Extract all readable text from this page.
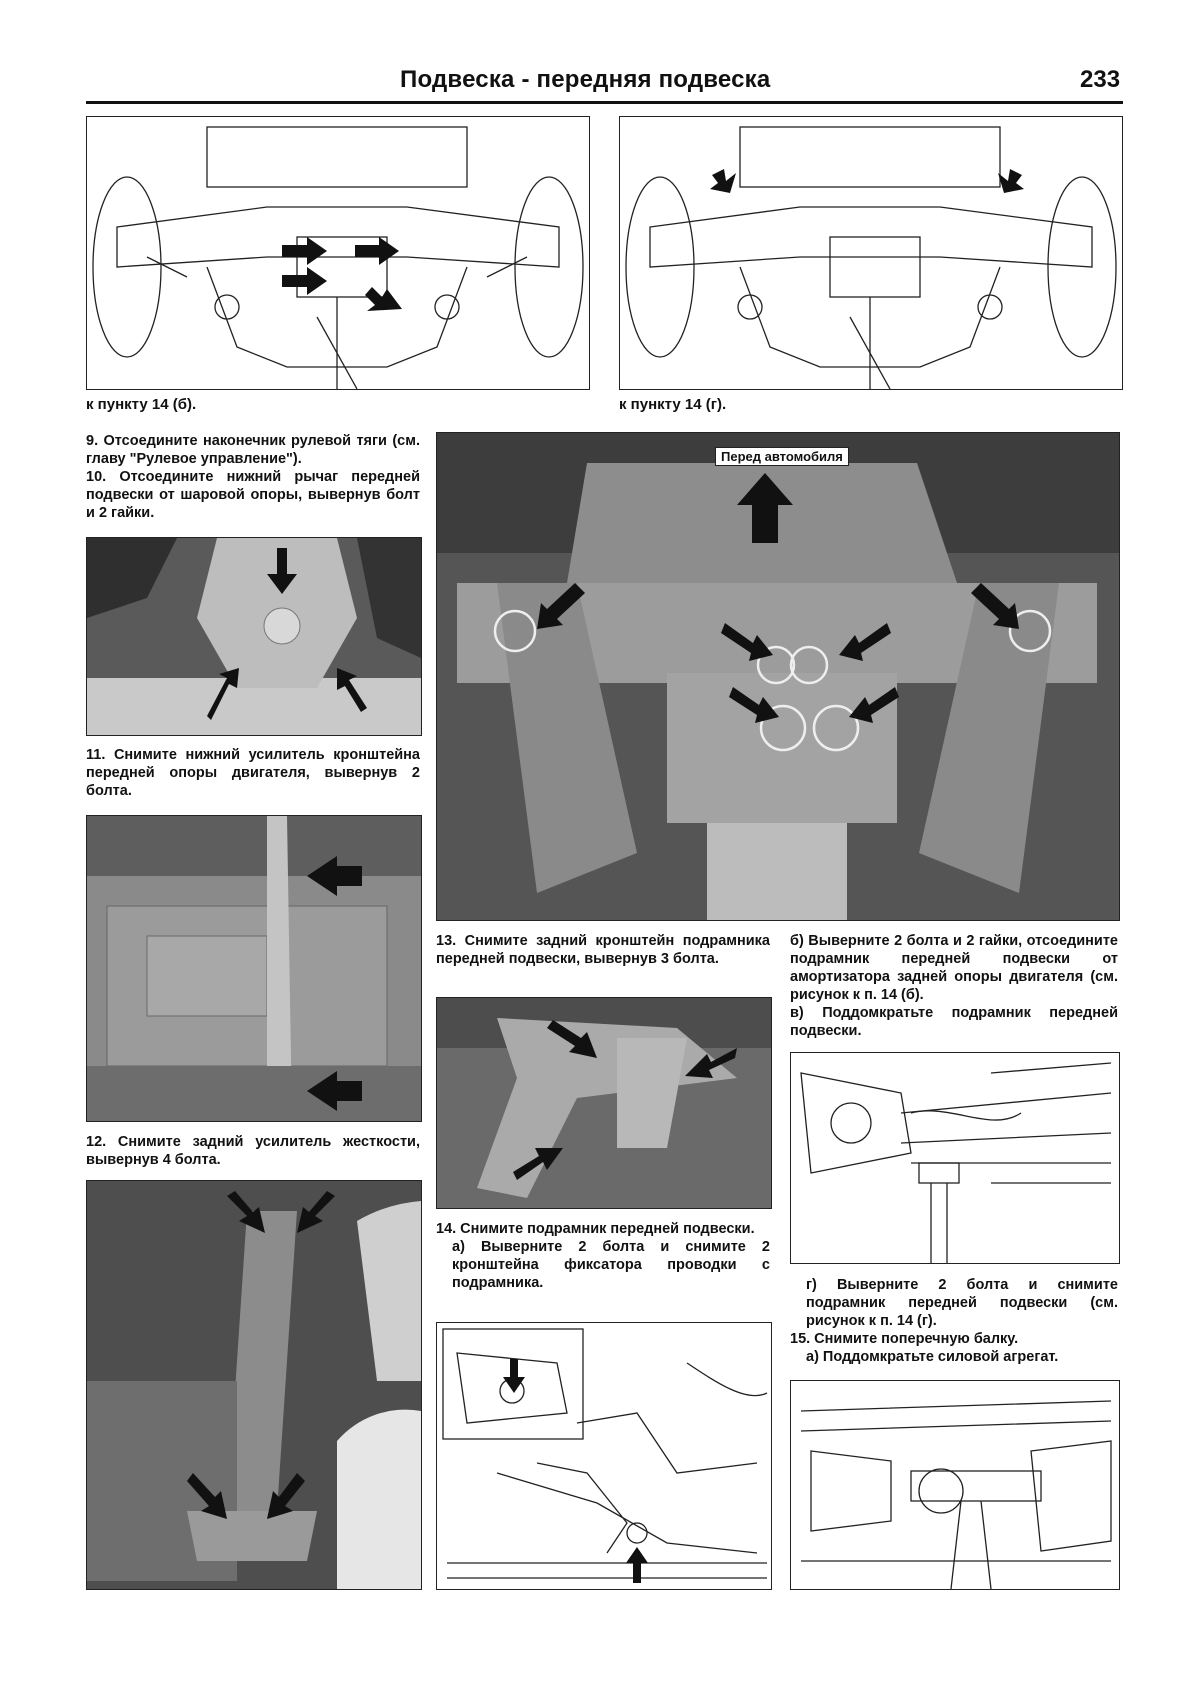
Подвеска - передняя подвеска	233
к пункту 14 (б).	к пункту 14 (г).

9. Отсоедините наконечник рулевой тяги (см. главу "Рулевое управление").

10. Отсоедините нижний рычаг передней подвески от шаровой опоры, вывернув болт и 2 гайки.

11. Снимите нижний усилитель кронштейна передней опоры двигателя, вывернув 2 болта.
12. Снимите задний усилитель жесткости, вывернув 4 болта.
Перед автомобиля
13. Снимите задний кронштейн подрамника передней подвески, вывернув 3 болта.

14. Снимите подрамник передней подвески.

а) Выверните 2 болта и снимите 2 кронштейна фиксатора проводки с подрамника.

б) Выверните 2 болта и 2 гайки, отсоедините подрамник передней подвески от амортизатора задней опоры двигателя (см. рисунок к п. 14 (б).

в) Поддомкратьте подрамник передней подвески.

г) Выверните 2 болта и снимите подрамник передней подвески (см. рисунок к п. 14 (г).

15. Снимите поперечную балку.

а) Поддомкратьте силовой агрегат.
